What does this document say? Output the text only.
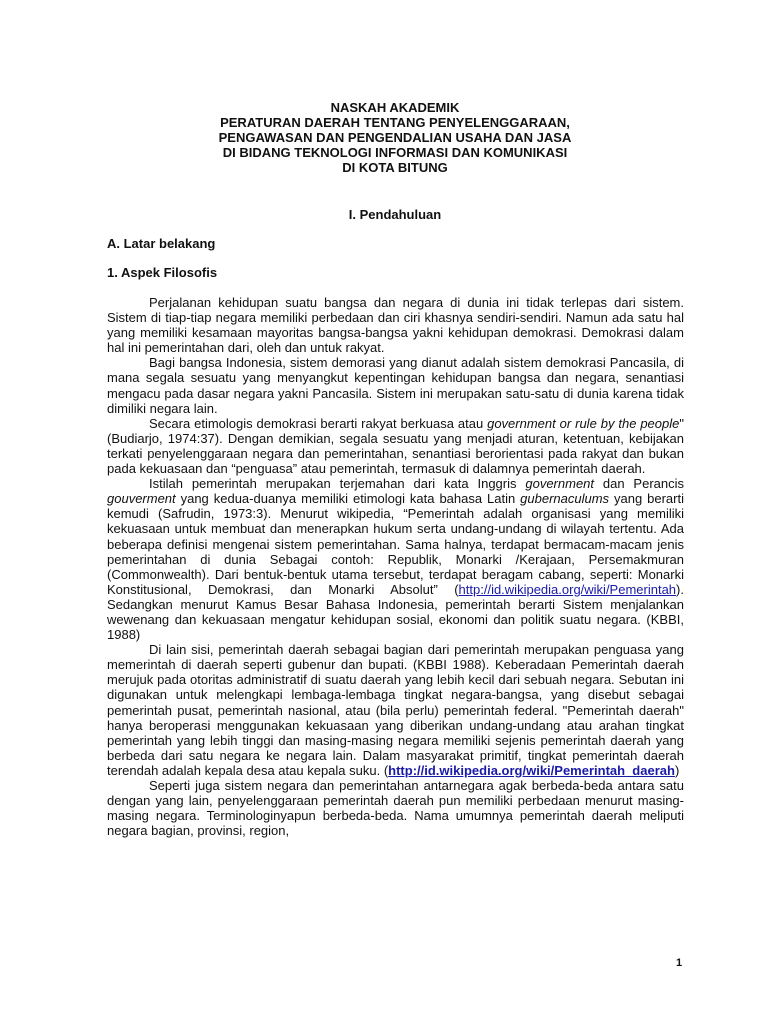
NASKAH AKADEMIK
PERATURAN DAERAH TENTANG PENYELENGGARAAN,
PENGAWASAN DAN PENGENDALIAN USAHA DAN JASA
DI BIDANG TEKNOLOGI INFORMASI DAN KOMUNIKASI
DI KOTA BITUNG
I. Pendahuluan
A. Latar belakang
1. Aspek Filosofis

Perjalanan kehidupan suatu bangsa dan negara di dunia ini tidak terlepas dari sistem. Sistem di tiap-tiap negara memiliki perbedaan dan ciri khasnya sendiri-sendiri. Namun ada satu hal yang memiliki kesamaan mayoritas bangsa-bangsa yakni kehidupan demokrasi. Demokrasi dalam hal ini pemerintahan dari, oleh dan untuk rakyat.

Bagi bangsa Indonesia, sistem demorasi yang dianut adalah sistem demokrasi Pancasila, di mana segala sesuatu yang menyangkut kepentingan kehidupan bangsa dan negara, senantiasi mengacu pada dasar negara yakni Pancasila. Sistem ini merupakan satu-satu di dunia karena tidak dimiliki negara lain.

Secara etimologis demokrasi berarti rakyat berkuasa atau government or rule by the people" (Budiarjo, 1974:37). Dengan demikian, segala sesuatu yang menjadi aturan, ketentuan, kebijakan terkati penyelenggaraan negara dan pemerintahan, senantiasi berorientasi pada rakyat dan bukan pada kekuasaan dan “penguasa” atau pemerintah, termasuk di dalamnya pemerintah daerah.

Istilah pemerintah merupakan terjemahan dari kata Inggris government dan Perancis gouverment yang kedua-duanya memiliki etimologi kata bahasa Latin gubernaculums yang berarti kemudi (Safrudin, 1973:3). Menurut wikipedia, “Pemerintah adalah organisasi yang memiliki kekuasaan untuk membuat dan menerapkan hukum serta undang-undang di wilayah tertentu. Ada beberapa definisi mengenai sistem pemerintahan. Sama halnya, terdapat bermacam-macam jenis pemerintahan di dunia Sebagai contoh: Republik, Monarki /Kerajaan, Persemakmuran (Commonwealth). Dari bentuk-bentuk utama tersebut, terdapat beragam cabang, seperti: Monarki Konstitusional, Demokrasi, dan Monarki Absolut” (http://id.wikipedia.org/wiki/Pemerintah). Sedangkan menurut Kamus Besar Bahasa Indonesia, pemerintah berarti Sistem menjalankan wewenang dan kekuasaan mengatur kehidupan sosial, ekonomi dan politik suatu negara. (KBBI, 1988)

Di lain sisi, pemerintah daerah sebagai bagian dari pemerintah merupakan penguasa yang memerintah di daerah seperti gubenur dan bupati. (KBBI 1988). Keberadaan Pemerintah daerah merujuk pada otoritas administratif di suatu daerah yang lebih kecil dari sebuah negara. Sebutan ini digunakan untuk melengkapi lembaga-lembaga tingkat negara-bangsa, yang disebut sebagai pemerintah pusat, pemerintah nasional, atau (bila perlu) pemerintah federal. "Pemerintah daerah" hanya beroperasi menggunakan kekuasaan yang diberikan undang-undang atau arahan tingkat pemerintah yang lebih tinggi dan masing-masing negara memiliki sejenis pemerintah daerah yang berbeda dari satu negara ke negara lain. Dalam masyarakat primitif, tingkat pemerintah daerah terendah adalah kepala desa atau kepala suku. (http://id.wikipedia.org/wiki/Pemerintah_daerah)

Seperti juga sistem negara dan pemerintahan antarnegara agak berbeda-beda antara satu dengan yang lain, penyelenggaraan pemerintah daerah pun memiliki perbedaan menurut masing-masing negara. Terminologinyapun berbeda-beda. Nama umumnya pemerintah daerah meliputi negara bagian, provinsi, region,

1
